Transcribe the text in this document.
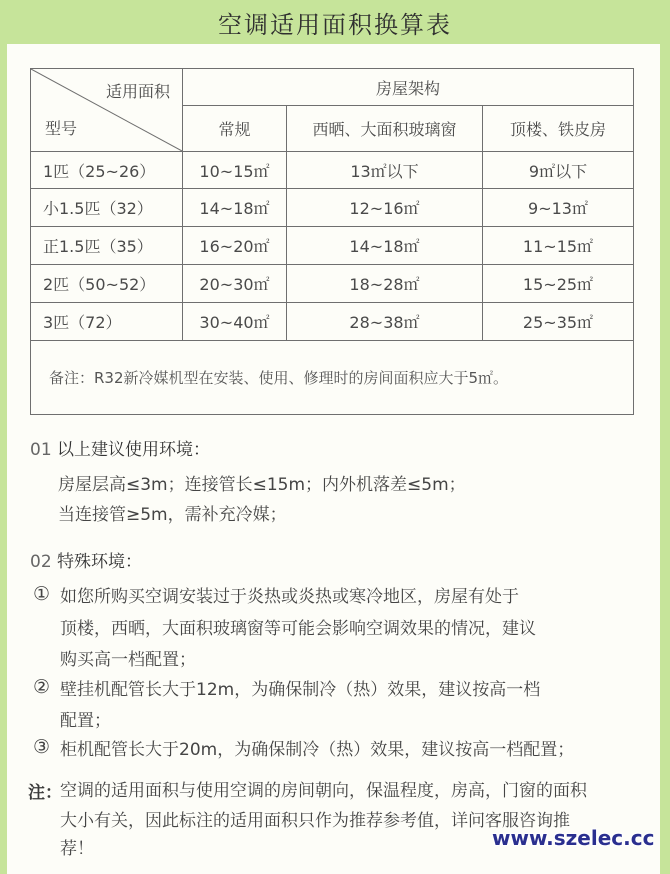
空调适用面积换算表
适用面积
型号	房屋架构		
	常规	西晒、大面积玻璃窗	顶楼、铁皮房
1匹（25~26）	10~15㎡	13㎡以下	9㎡以下
小1.5匹（32）	14~18㎡	12~16㎡	9~13㎡
正1.5匹（35）	16~20㎡	14~18㎡	11~15㎡
2匹（50~52）	20~30㎡	18~28㎡	15~25㎡
3匹（72）	30~40㎡	28~38㎡	25~35㎡
备注：R32新冷媒机型在安装、使用、修理时的房间面积应大于5㎡。			
01 以上建议使用环境：
房屋层高≤3m；连接管长≤15m；内外机落差≤5m；
当连接管≥5m，需补充冷媒；
02 特殊环境：
① 如您所购买空调安装过于炎热或炎热或寒冷地区，房屋有处于
顶楼，西晒，大面积玻璃窗等可能会影响空调效果的情况，建议
购买高一档配置；
② 壁挂机配管长大于12m，为确保制冷（热）效果，建议按高一档
配置；
③ 柜机配管长大于20m，为确保制冷（热）效果，建议按高一档配置；
注：
空调的适用面积与使用空调的房间朝向，保温程度，房高，门窗的面积
大小有关，因此标注的适用面积只作为推荐参考值，详问客服咨询推
荐！	www.szelec.cc
